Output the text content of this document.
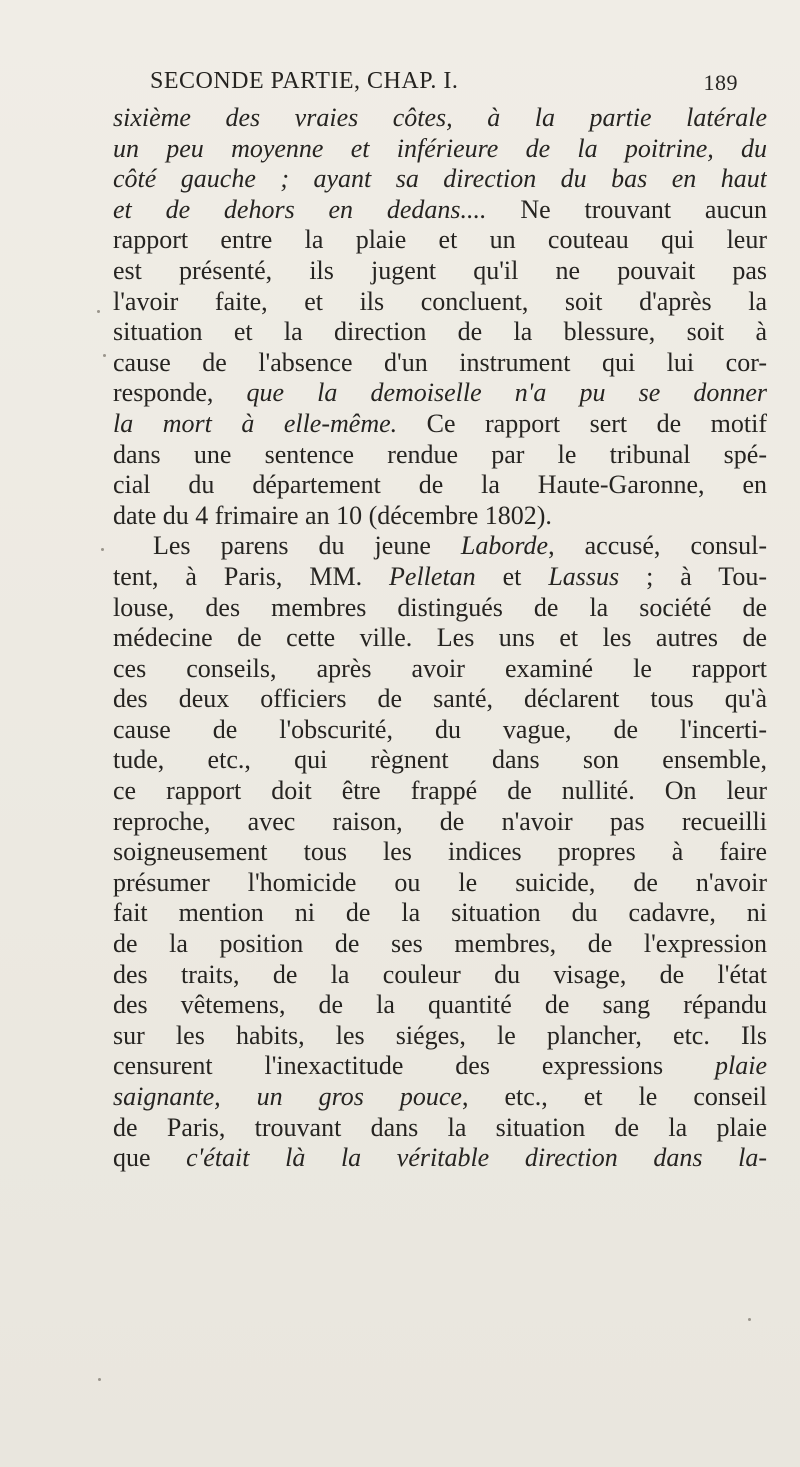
SECONDE PARTIE, CHAP. I.	189
sixième des vraies côtes, à la partie latérale
un peu moyenne et inférieure de la poitrine, du
côté gauche ; ayant sa direction du bas en haut
et de dehors en dedans.... Ne trouvant aucun
rapport entre la plaie et un couteau qui leur
est présenté, ils jugent qu'il ne pouvait pas
l'avoir faite, et ils concluent, soit d'après la
situation et la direction de la blessure, soit à
cause de l'absence d'un instrument qui lui cor-
responde, que la demoiselle n'a pu se donner
la mort à elle-même. Ce rapport sert de motif
dans une sentence rendue par le tribunal spé-
cial du département de la Haute-Garonne, en
date du 4 frimaire an 10 (décembre 1802).
Les parens du jeune Laborde, accusé, consul-
tent, à Paris, MM. Pelletan et Lassus ; à Tou-
louse, des membres distingués de la société de
médecine de cette ville. Les uns et les autres de
ces conseils, après avoir examiné le rapport
des deux officiers de santé, déclarent tous qu'à
cause de l'obscurité, du vague, de l'incerti-
tude, etc., qui règnent dans son ensemble,
ce rapport doit être frappé de nullité. On leur
reproche, avec raison, de n'avoir pas recueilli
soigneusement tous les indices propres à faire
présumer l'homicide ou le suicide, de n'avoir
fait mention ni de la situation du cadavre, ni
de la position de ses membres, de l'expression
des traits, de la couleur du visage, de l'état
des vêtemens, de la quantité de sang répandu
sur les habits, les siéges, le plancher, etc. Ils
censurent l'inexactitude des expressions plaie
saignante, un gros pouce, etc., et le conseil
de Paris, trouvant dans la situation de la plaie
que c'était là la véritable direction dans la-
